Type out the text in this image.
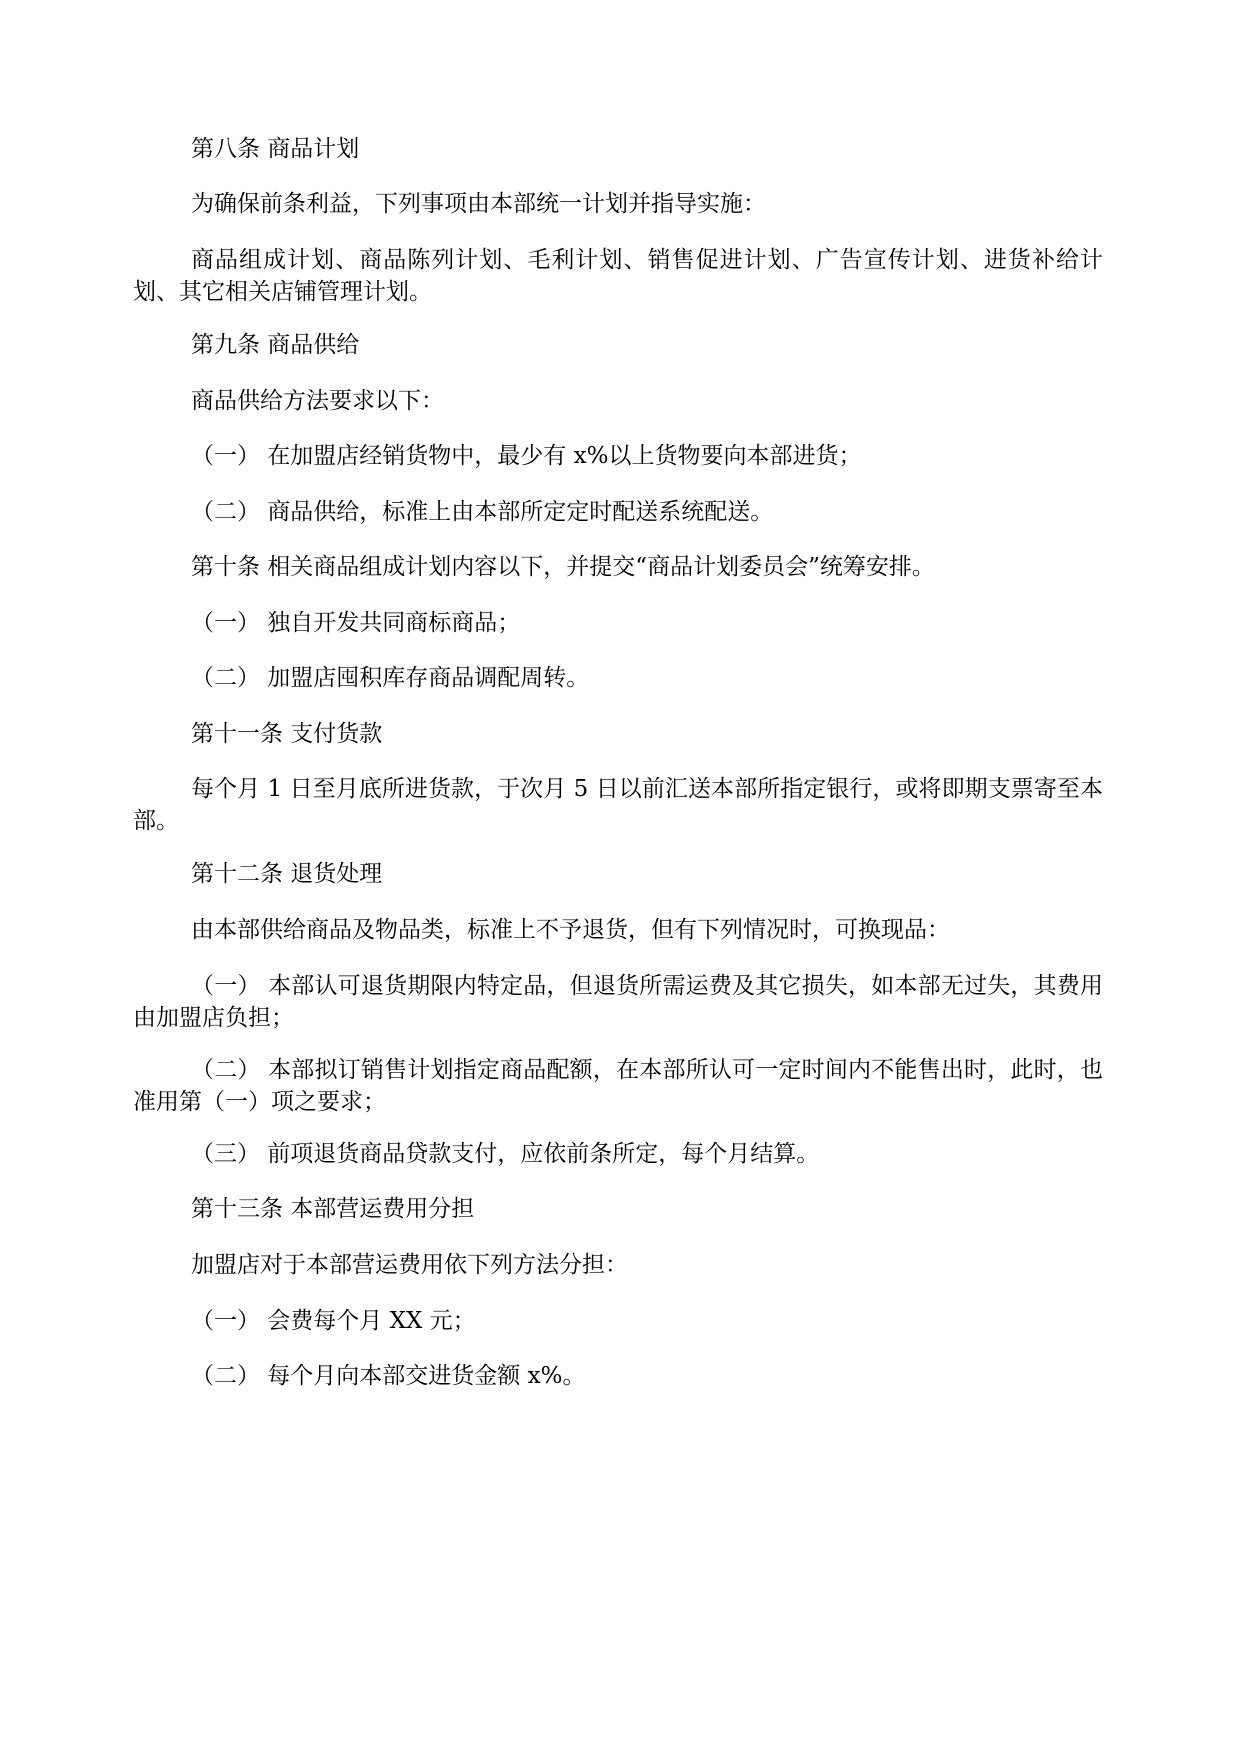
第八条 商品计划

为确保前条利益，下列事项由本部统一计划并指导实施：

商品组成计划、商品陈列计划、毛利计划、销售促进计划、广告宣传计划、进货补给计划、其它相关店铺管理计划。

第九条 商品供给

商品供给方法要求以下：

（一） 在加盟店经销货物中，最少有 x%以上货物要向本部进货；

（二） 商品供给，标准上由本部所定定时配送系统配送。

第十条 相关商品组成计划内容以下，并提交“商品计划委员会”统筹安排。

（一） 独自开发共同商标商品；

（二） 加盟店囤积库存商品调配周转。

第十一条 支付货款

每个月 1 日至月底所进货款，于次月 5 日以前汇送本部所指定银行，或将即期支票寄至本部。

第十二条 退货处理

由本部供给商品及物品类，标准上不予退货，但有下列情况时，可换现品：

（一） 本部认可退货期限内特定品，但退货所需运费及其它损失，如本部无过失，其费用由加盟店负担；

（二） 本部拟订销售计划指定商品配额，在本部所认可一定时间内不能售出时，此时，也准用第（一）项之要求；

（三） 前项退货商品贷款支付，应依前条所定，每个月结算。

第十三条 本部营运费用分担

加盟店对于本部营运费用依下列方法分担：

（一） 会费每个月 XX 元；

（二） 每个月向本部交进货金额 x%。
